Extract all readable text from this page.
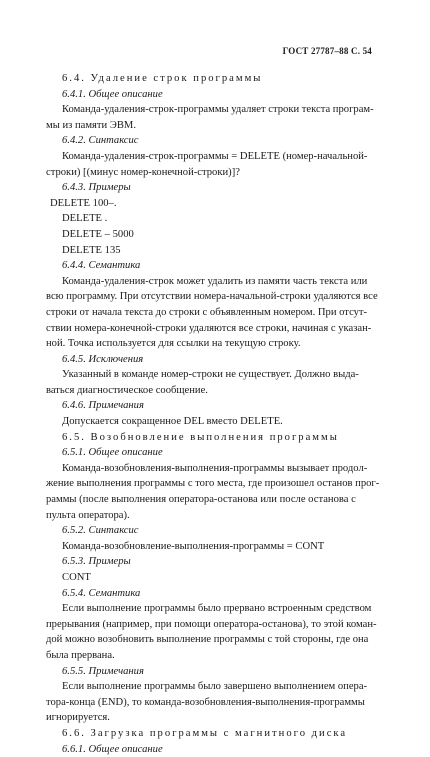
ГОСТ 27787–88 С. 54

6.4. Удаление строк программы

6.4.1. Общее описание

Команда-удаления-строк-программы удаляет строки текста програм-

мы из памяти ЭВМ.

6.4.2. Синтаксис

Команда-удаления-строк-программы = DELETE (номер-начальной-

строки) [(минус номер-конечной-строки)]?

6.4.3. Примеры

DELETE 100–.

DELETE .

DELETE – 5000

DELETE 135

6.4.4. Семантика

Команда-удаления-строк может удалить из памяти часть текста или

всю программу. При отсутствии номера-начальной-строки удаляются все

строки от начала текста до строки с объявленным номером. При отсут-

ствии номера-конечной-строки удаляются все строки, начиная с указан-

ной. Точка используется для ссылки на текущую строку.

6.4.5. Исключения

Указанный в команде номер-строки не существует. Должно выда-

ваться диагностическое сообщение.

6.4.6. Примечания

Допускается сокращенное DEL вместо DELETE.

6.5. Возобновление выполнения программы

6.5.1. Общее описание

Команда-возобновления-выполнения-программы вызывает продол-

жение выполнения программы с того места, где произошел останов прог-

раммы (после выполнения оператора-останова или после останова с

пульта оператора).

6.5.2. Синтаксис

Команда-возобновление-выполнения-программы = CONT

6.5.3. Примеры

CONT

6.5.4. Семантика

Если выполнение программы было прервано встроенным средством

прерывания (например, при помощи оператора-останова), то этой коман-

дой можно возобновить выполнение программы с той стороны, где она

была прервана.

6.5.5. Примечания

Если выполнение программы было завершено выполнением опера-

тора-конца (END), то команда-возобновления-выполнения-программы

игнорируется.

6.6. Загрузка программы с магнитного диска

6.6.1. Общее описание
